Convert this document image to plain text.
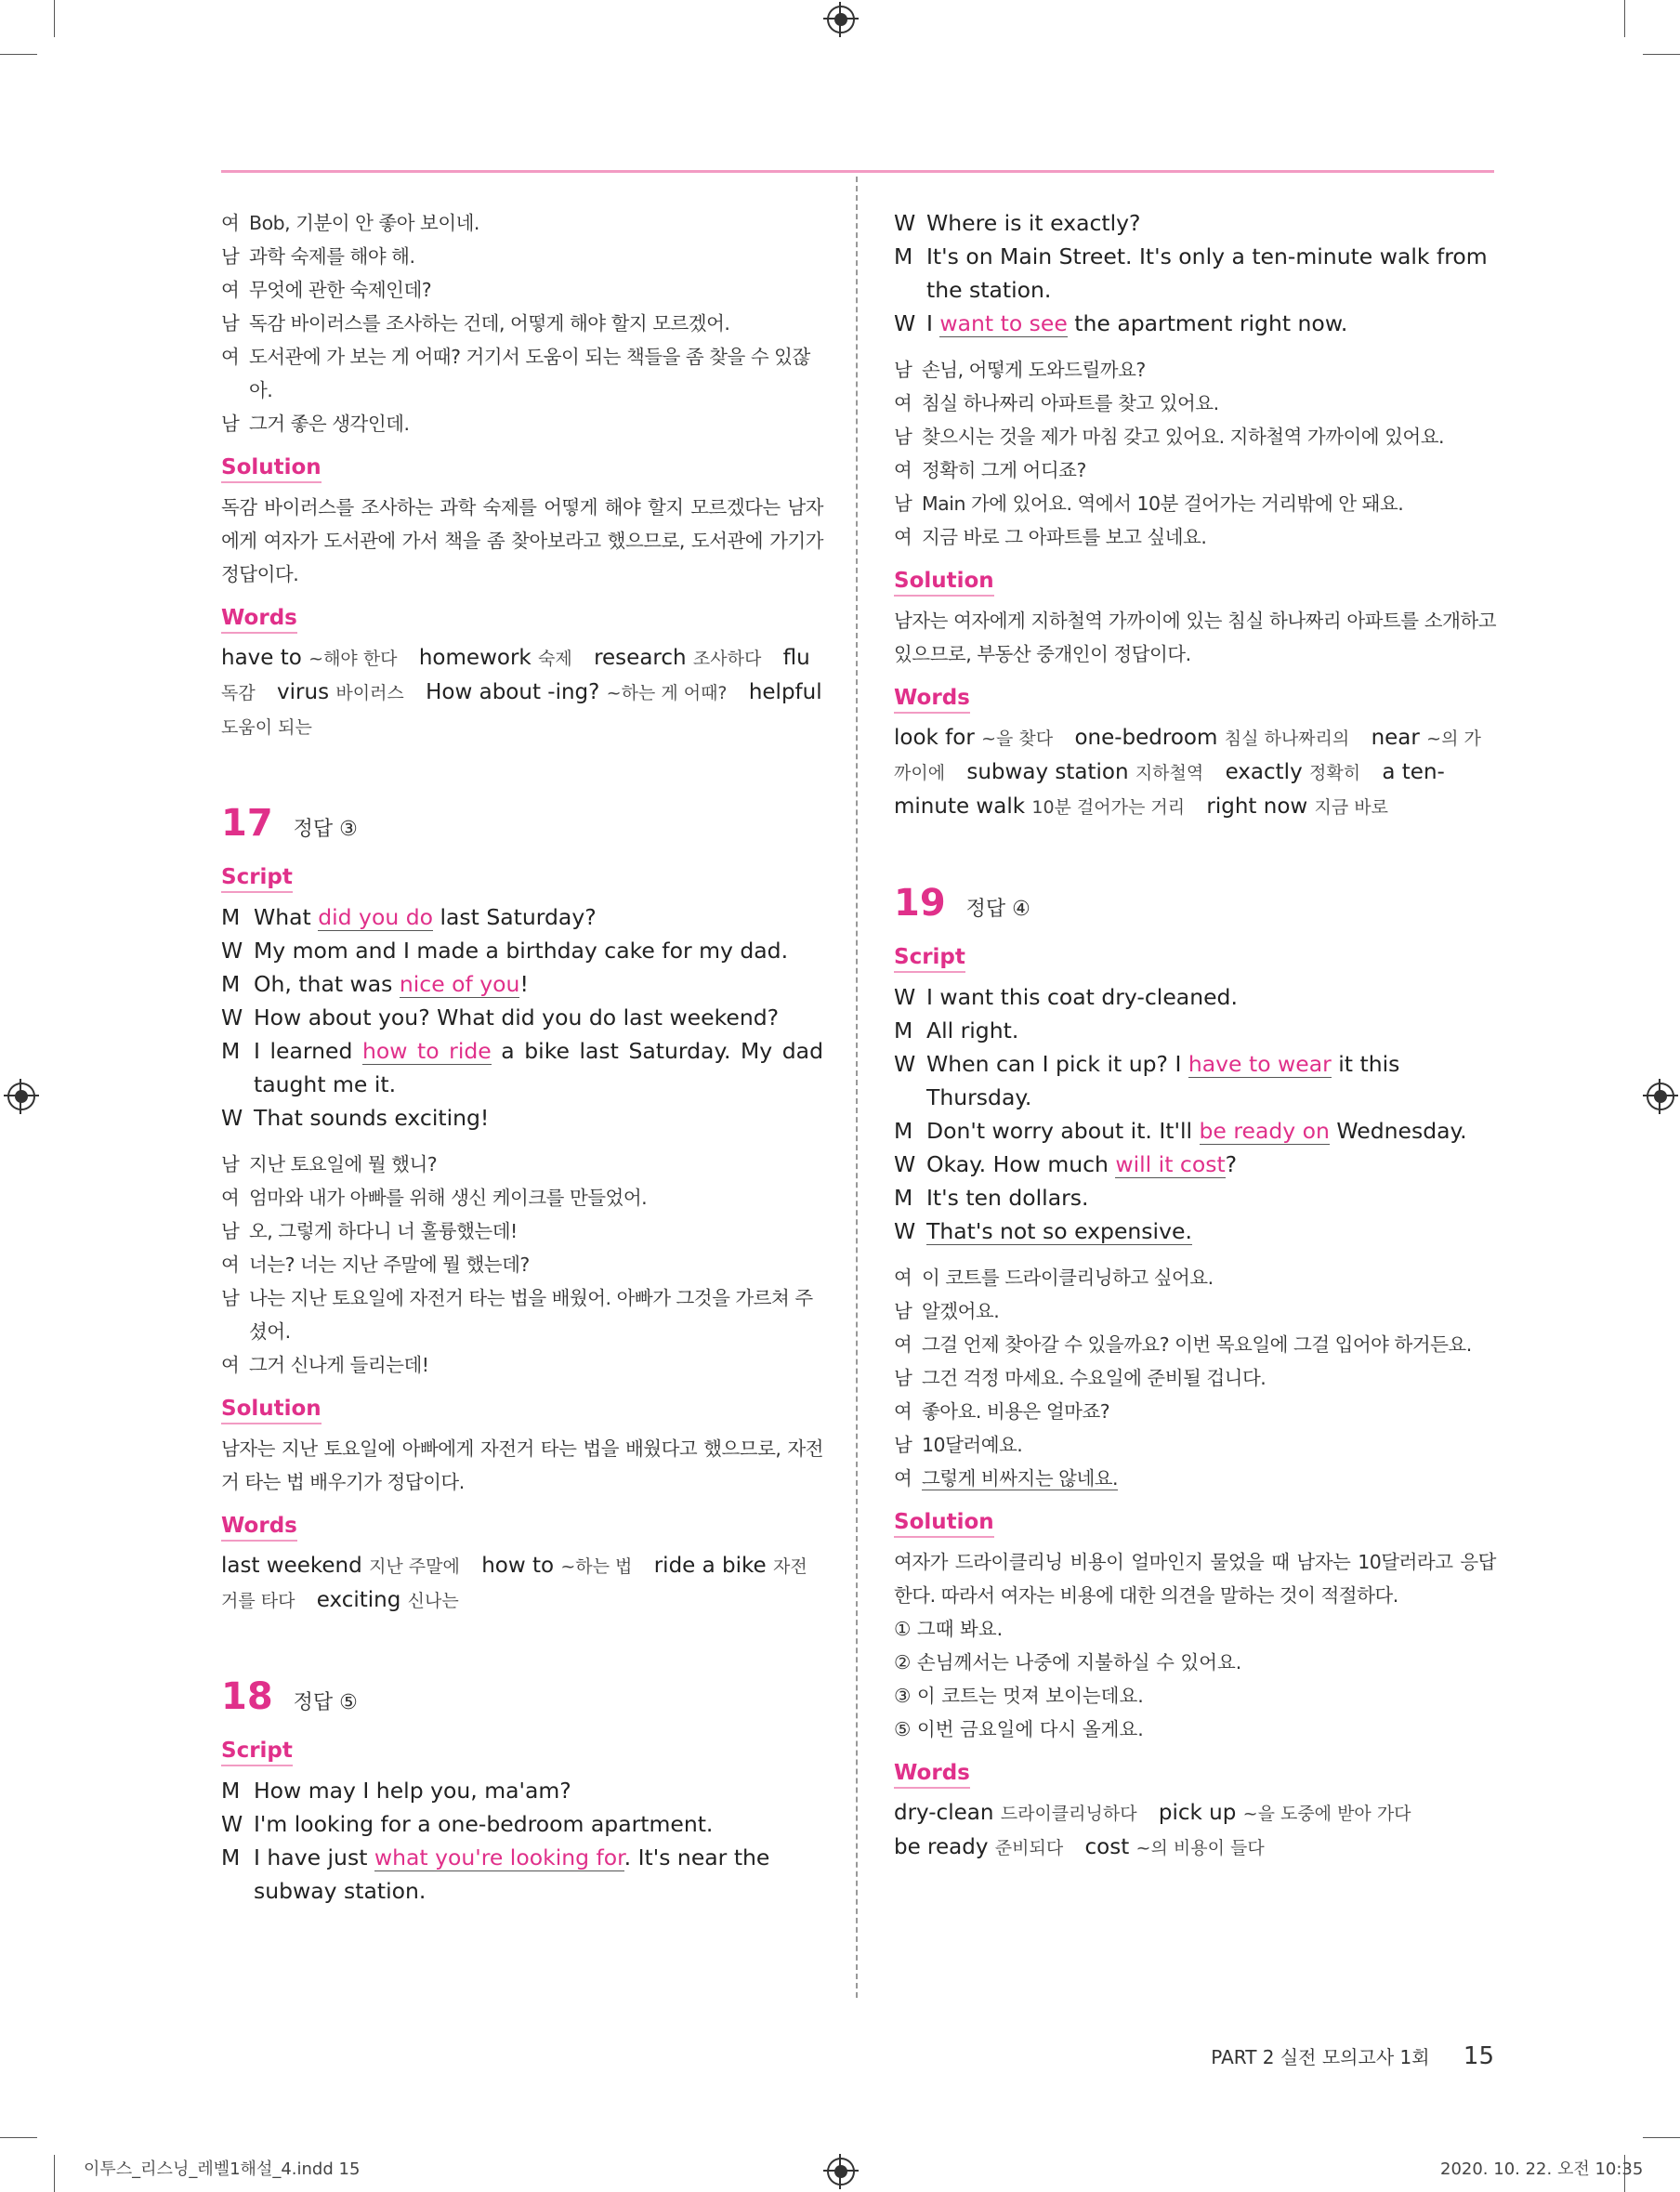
여 Bob, 기분이 안 좋아 보이네.
남 과학 숙제를 해야 해.
여 무엇에 관한 숙제인데?
남 독감 바이러스를 조사하는 건데, 어떻게 해야 할지 모르겠어.
여 도서관에 가 보는 게 어때? 거기서 도움이 되는 책들을 좀 찾을 수 있잖아.
남 그거 좋은 생각인데.
Solution
독감 바이러스를 조사하는 과학 숙제를 어떻게 해야 할지 모르겠다는 남자에게 여자가 도서관에 가서 책을 좀 찾아보라고 했으므로, 도서관에 가기가 정답이다.
Words
have to ~해야 한다 homework 숙제 research 조사하다 flu 독감 virus 바이러스 How about -ing? ~하는 게 어때? helpful 도움이 되는
17 정답 ③
Script
M What did you do last Saturday?
W My mom and I made a birthday cake for my dad.
M Oh, that was nice of you!
W How about you? What did you do last weekend?
M I learned how to ride a bike last Saturday. My dad taught me it.
W That sounds exciting!
남 지난 토요일에 뭘 했니?
여 엄마와 내가 아빠를 위해 생신 케이크를 만들었어.
남 오, 그렇게 하다니 너 훌륭했는데!
여 너는? 너는 지난 주말에 뭘 했는데?
남 나는 지난 토요일에 자전거 타는 법을 배웠어. 아빠가 그것을 가르쳐 주셨어.
여 그거 신나게 들리는데!
Solution
남자는 지난 토요일에 아빠에게 자전거 타는 법을 배웠다고 했으므로, 자전거 타는 법 배우기가 정답이다.
Words
last weekend 지난 주말에 how to ~하는 법 ride a bike 자전거를 타다 exciting 신나는
18 정답 ⑤
Script
M How may I help you, ma'am?
W I'm looking for a one-bedroom apartment.
M I have just what you're looking for. It's near the subway station.
W Where is it exactly?
M It's on Main Street. It's only a ten-minute walk from the station.
W I want to see the apartment right now.
남 손님, 어떻게 도와드릴까요?
여 침실 하나짜리 아파트를 찾고 있어요.
남 찾으시는 것을 제가 마침 갖고 있어요. 지하철역 가까이에 있어요.
여 정확히 그게 어디죠?
남 Main 가에 있어요. 역에서 10분 걸어가는 거리밖에 안 돼요.
여 지금 바로 그 아파트를 보고 싶네요.
Solution
남자는 여자에게 지하철역 가까이에 있는 침실 하나짜리 아파트를 소개하고 있으므로, 부동산 중개인이 정답이다.
Words
look for ~을 찾다 one-bedroom 침실 하나짜리의 near ~의 가까이에 subway station 지하철역 exactly 정확히 a ten-minute walk 10분 걸어가는 거리 right now 지금 바로
19 정답 ④
Script
W I want this coat dry-cleaned.
M All right.
W When can I pick it up? I have to wear it this Thursday.
M Don't worry about it. It'll be ready on Wednesday.
W Okay. How much will it cost?
M It's ten dollars.
W That's not so expensive.
여 이 코트를 드라이클리닝하고 싶어요.
남 알겠어요.
여 그걸 언제 찾아갈 수 있을까요? 이번 목요일에 그걸 입어야 하거든요.
남 그건 걱정 마세요. 수요일에 준비될 겁니다.
여 좋아요. 비용은 얼마죠?
남 10달러예요.
여 그렇게 비싸지는 않네요.
Solution
여자가 드라이클리닝 비용이 얼마인지 물었을 때 남자는 10달러라고 응답한다. 따라서 여자는 비용에 대한 의견을 말하는 것이 적절하다.
① 그때 봐요.
② 손님께서는 나중에 지불하실 수 있어요.
③ 이 코트는 멋져 보이는데요.
⑤ 이번 금요일에 다시 올게요.
Words
dry-clean 드라이클리닝하다 pick up ~을 도중에 받아 가다
be ready 준비되다 cost ~의 비용이 들다
PART 2 실전 모의고사 1회 15
이투스_리스닝_레벨1해설_4.indd 15	2020. 10. 22. 오전 10:35
